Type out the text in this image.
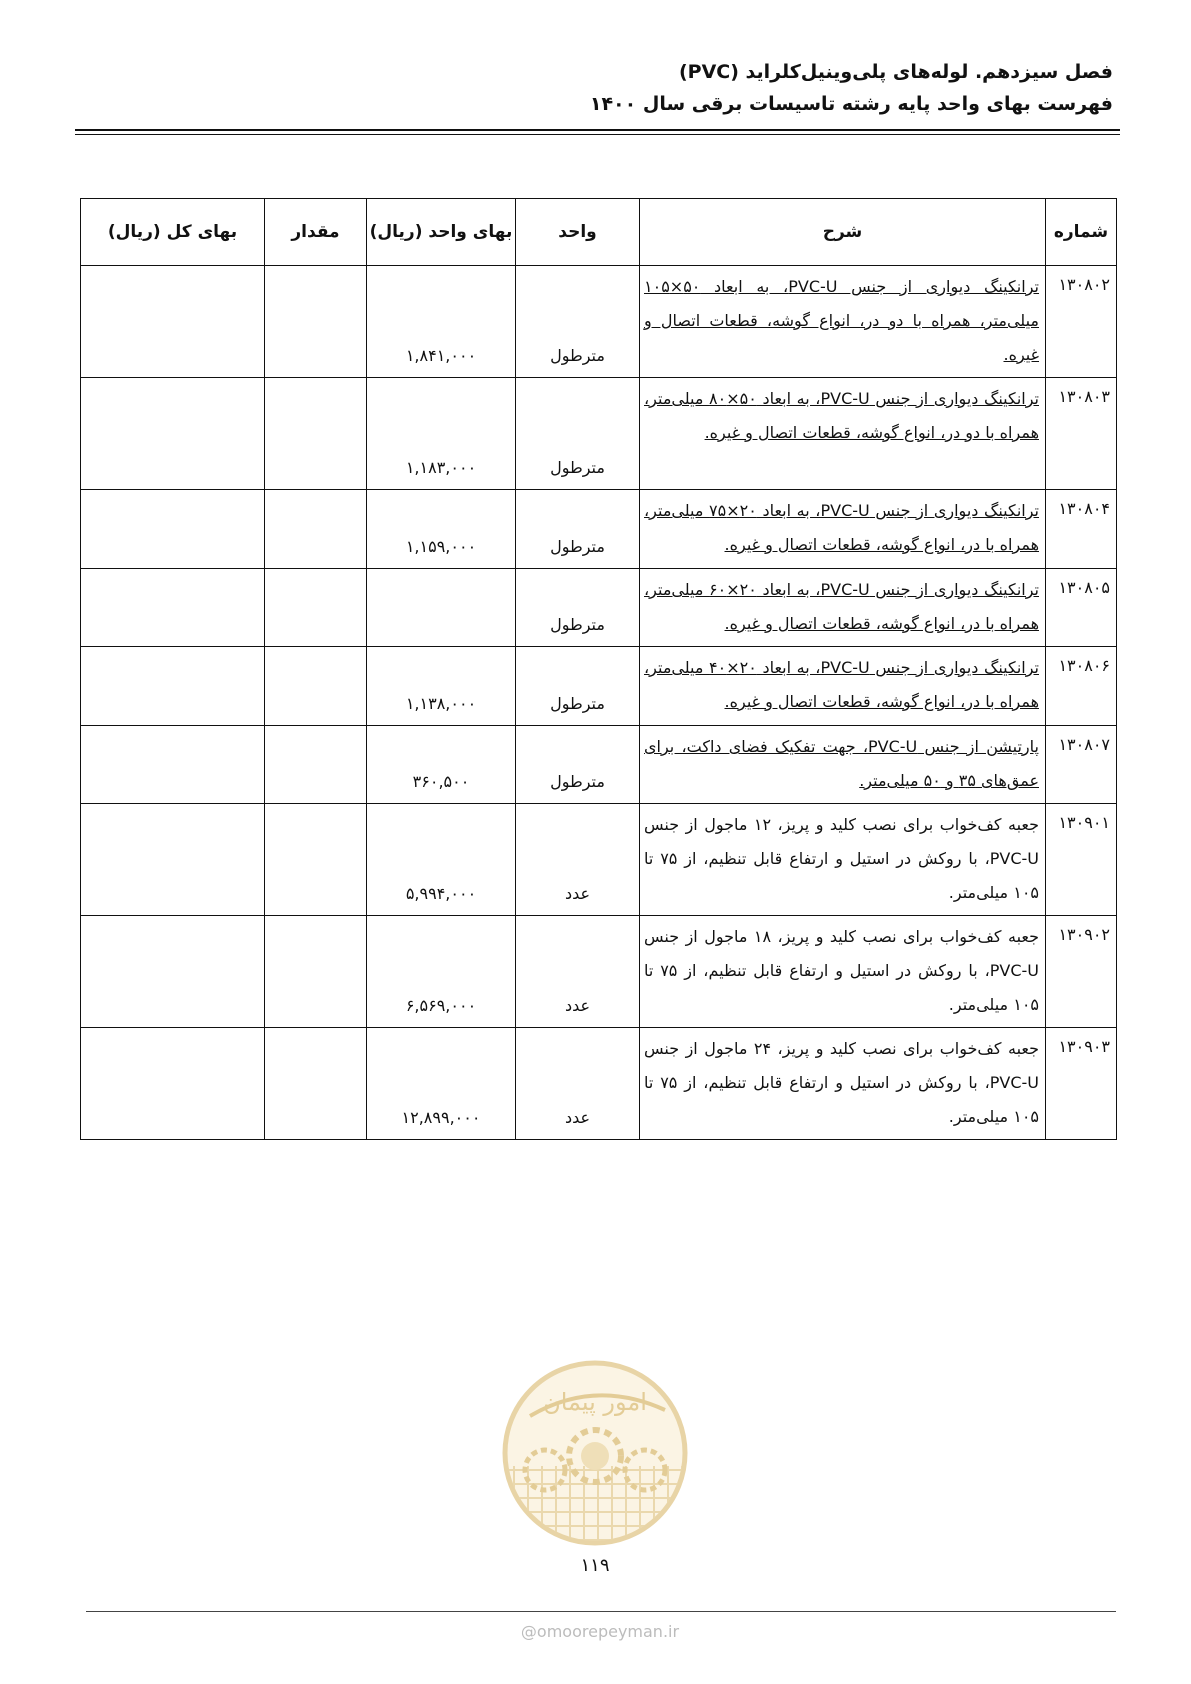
فصل سیزدهم. لوله‌های پلی‌وینیل‌کلراید (PVC)
فهرست بهای واحد پایه رشته تاسیسات برقی سال ۱۴۰۰
شماره	شرح	واحد	بهای واحد (ریال)	مقدار	بهای کل (ریال)
۱۳۰۸۰۲	ترانکینگ دیواری از جنس PVC-U، به ابعاد ۵۰×۱۰۵ میلی‌متر، همراه با دو در، انواع گوشه، قطعات اتصال و غیره.	مترطول	۱,۸۴۱,۰۰۰		
۱۳۰۸۰۳	ترانکینگ دیواری از جنس PVC-U، به ابعاد ۵۰×۸۰ میلی‌متر، همراه با دو در، انواع گوشه، قطعات اتصال و غیره.	مترطول	۱,۱۸۳,۰۰۰		
۱۳۰۸۰۴	ترانکینگ دیواری از جنس PVC-U، به ابعاد ۲۰×۷۵ میلی‌متر، همراه با در، انواع گوشه، قطعات اتصال و غیره.	مترطول	۱,۱۵۹,۰۰۰		
۱۳۰۸۰۵	ترانکینگ دیواری از جنس PVC-U، به ابعاد ۲۰×۶۰ میلی‌متر، همراه با در، انواع گوشه، قطعات اتصال و غیره.	مترطول			
۱۳۰۸۰۶	ترانکینگ دیواری از جنس PVC-U، به ابعاد ۲۰×۴۰ میلی‌متر، همراه با در، انواع گوشه، قطعات اتصال و غیره.	مترطول	۱,۱۳۸,۰۰۰		
۱۳۰۸۰۷	پارتیشن از جنس PVC-U، جهت تفکیک فضای داکت، برای عمق‌های ۳۵ و ۵۰ میلی‌متر.	مترطول	۳۶۰,۵۰۰		
۱۳۰۹۰۱	جعبه کف‌خواب برای نصب کلید و پریز، ۱۲ ماجول از جنس PVC-U، با روکش در استیل و ارتفاع قابل تنظیم، از ۷۵ تا ۱۰۵ میلی‌متر.	عدد	۵,۹۹۴,۰۰۰		
۱۳۰۹۰۲	جعبه کف‌خواب برای نصب کلید و پریز، ۱۸ ماجول از جنس PVC-U، با روکش در استیل و ارتفاع قابل تنظیم، از ۷۵ تا ۱۰۵ میلی‌متر.	عدد	۶,۵۶۹,۰۰۰		
۱۳۰۹۰۳	جعبه کف‌خواب برای نصب کلید و پریز، ۲۴ ماجول از جنس PVC-U، با روکش در استیل و ارتفاع قابل تنظیم، از ۷۵ تا ۱۰۵ میلی‌متر.	عدد	۱۲,۸۹۹,۰۰۰		
امور پیمان
۱۱۹
@omoorepeyman.ir
